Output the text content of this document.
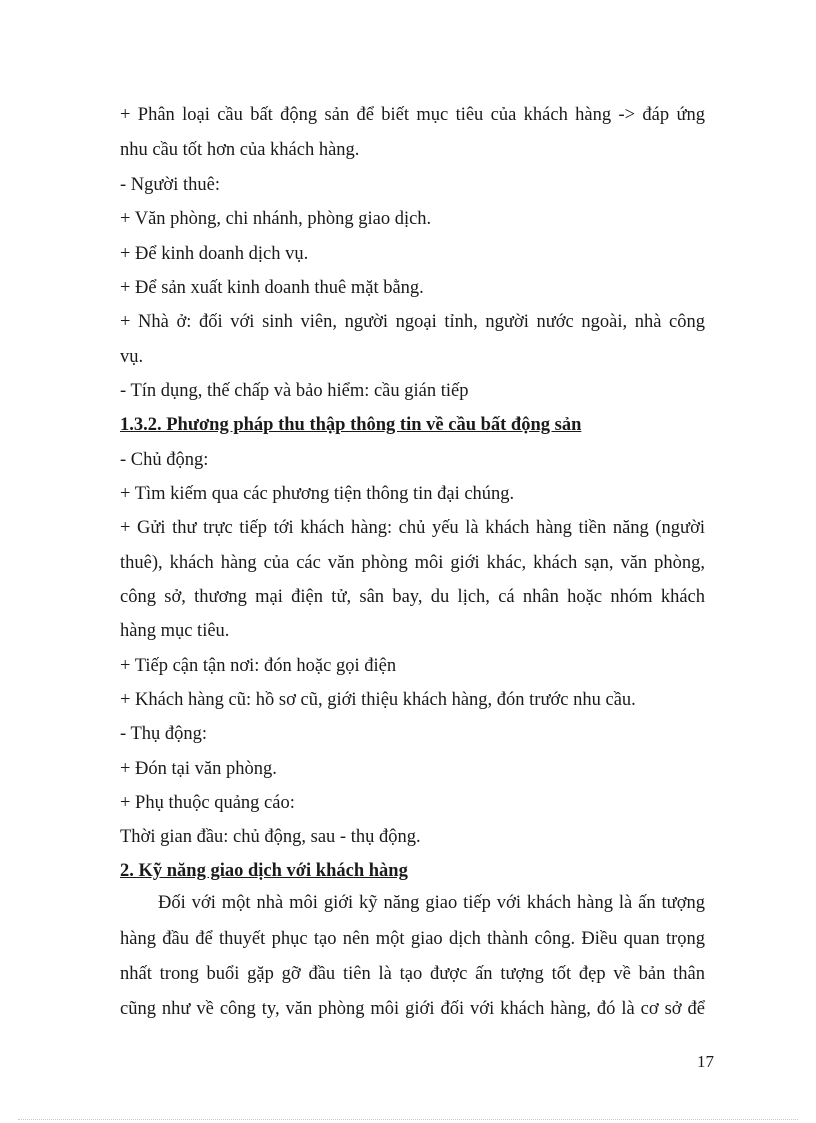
+ Phân loại cầu bất động sản để biết mục tiêu của khách hàng -> đáp ứng
nhu cầu tốt hơn của khách hàng.
- Người thuê:
+ Văn phòng, chi nhánh, phòng giao dịch.
+ Để kinh doanh dịch vụ.
+ Để sản xuất kinh doanh thuê mặt bằng.
+ Nhà ở: đối với sinh viên, người ngoại tỉnh, người nước ngoài, nhà công
vụ.
- Tín dụng, thế chấp và bảo hiểm: cầu gián tiếp
1.3.2. Phương pháp thu thập thông tin về cầu bất động sản
- Chủ động:
+ Tìm kiếm qua các phương tiện thông tin đại chúng.
+ Gửi thư trực tiếp tới khách hàng: chủ yếu là khách hàng tiền năng (người
thuê), khách hàng của các văn phòng môi giới khác, khách sạn, văn phòng,
công sở, thương mại điện tử, sân bay, du lịch, cá nhân hoặc nhóm khách
hàng mục tiêu.
+ Tiếp cận tận nơi: đón hoặc gọi điện
+ Khách hàng cũ: hồ sơ cũ, giới thiệu khách hàng, đón trước nhu cầu.
- Thụ động:
+ Đón tại văn phòng.
+ Phụ thuộc quảng cáo:
Thời gian đầu: chủ động, sau - thụ động.
2. Kỹ năng giao dịch với khách hàng
Đối với một nhà môi giới kỹ năng giao tiếp với khách hàng là ấn tượng
hàng đầu để thuyết phục tạo nên một giao dịch thành công. Điều quan trọng
nhất trong buổi gặp gỡ đầu tiên là tạo được ấn tượng tốt đẹp về bản thân
cũng như về công ty, văn phòng môi giới đối với khách hàng, đó là cơ sở để
17
